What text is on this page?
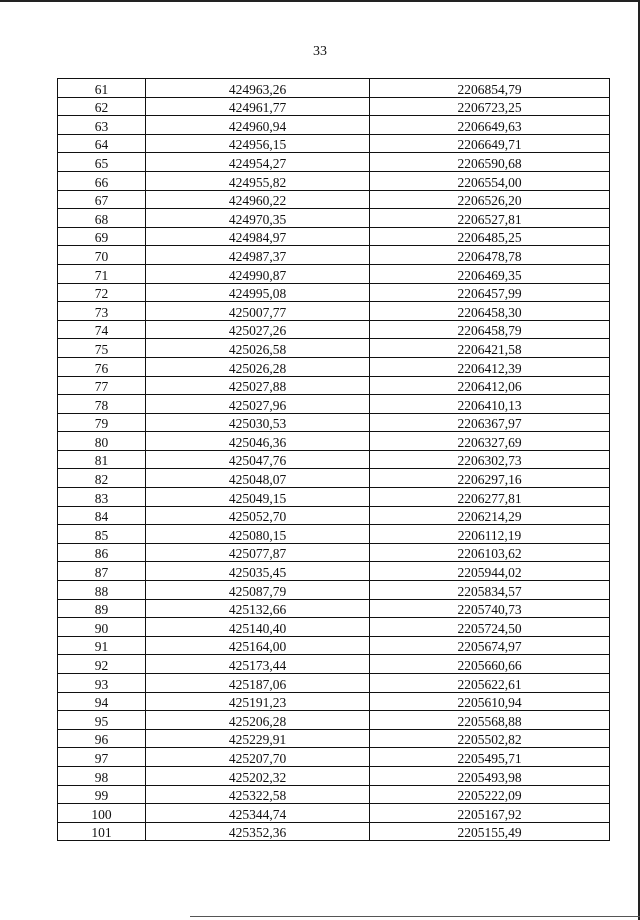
33
61	424963,26	2206854,79
62	424961,77	2206723,25
63	424960,94	2206649,63
64	424956,15	2206649,71
65	424954,27	2206590,68
66	424955,82	2206554,00
67	424960,22	2206526,20
68	424970,35	2206527,81
69	424984,97	2206485,25
70	424987,37	2206478,78
71	424990,87	2206469,35
72	424995,08	2206457,99
73	425007,77	2206458,30
74	425027,26	2206458,79
75	425026,58	2206421,58
76	425026,28	2206412,39
77	425027,88	2206412,06
78	425027,96	2206410,13
79	425030,53	2206367,97
80	425046,36	2206327,69
81	425047,76	2206302,73
82	425048,07	2206297,16
83	425049,15	2206277,81
84	425052,70	2206214,29
85	425080,15	2206112,19
86	425077,87	2206103,62
87	425035,45	2205944,02
88	425087,79	2205834,57
89	425132,66	2205740,73
90	425140,40	2205724,50
91	425164,00	2205674,97
92	425173,44	2205660,66
93	425187,06	2205622,61
94	425191,23	2205610,94
95	425206,28	2205568,88
96	425229,91	2205502,82
97	425207,70	2205495,71
98	425202,32	2205493,98
99	425322,58	2205222,09
100	425344,74	2205167,92
101	425352,36	2205155,49
